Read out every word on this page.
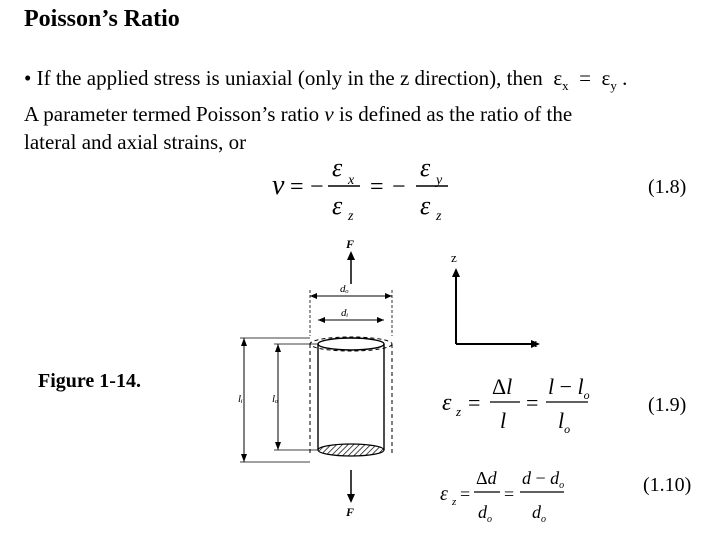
Poisson’s Ratio
• If the applied stress is uniaxial (only in the z direction), then  $\varepsilon_x = \varepsilon_y$ .
A parameter termed Poisson’s ratio ν is defined as the ratio of the
lateral and axial strains, or
ν = −
ε x
ε z
= −
ε y
ε z
(1.8)
z
x
Figure 1-14.
F
dₒ
dᵢ
lᵢ	lₒ
F
ε z =
Δl
l
=
$l - l_o$
$l_o$
(1.9)
ε z =
Δd
$d_o$
=
$d - d_o$
$d_o$
(1.10)
